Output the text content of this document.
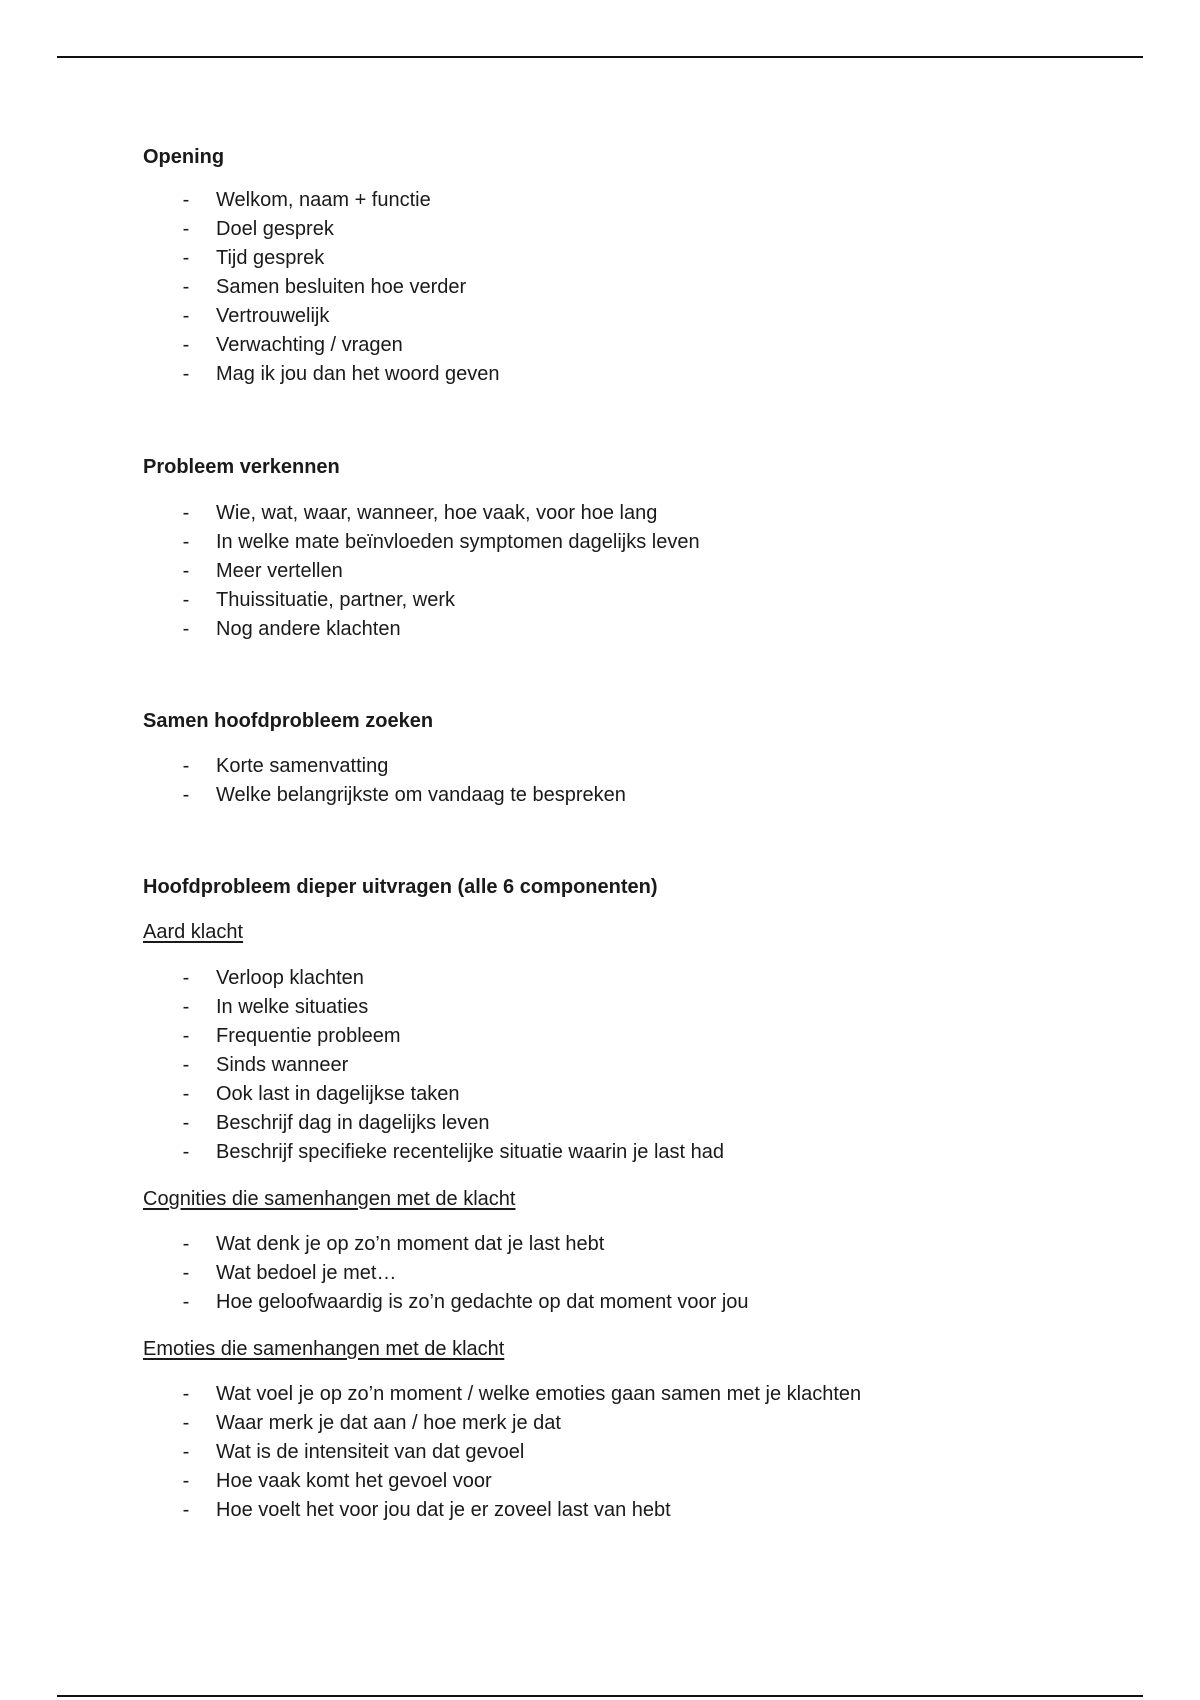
Opening

- Welkom, naam + functie
- Doel gesprek
- Tijd gesprek
- Samen besluiten hoe verder
- Vertrouwelijk
- Verwachting / vragen
- Mag ik jou dan het woord geven

Probleem verkennen

- Wie, wat, waar, wanneer, hoe vaak, voor hoe lang
- In welke mate beïnvloeden symptomen dagelijks leven
- Meer vertellen
- Thuissituatie, partner, werk
- Nog andere klachten

Samen hoofdprobleem zoeken

- Korte samenvatting
- Welke belangrijkste om vandaag te bespreken

Hoofdprobleem dieper uitvragen (alle 6 componenten)

Aard klacht

- Verloop klachten
- In welke situaties
- Frequentie probleem
- Sinds wanneer
- Ook last in dagelijkse taken
- Beschrijf dag in dagelijks leven
- Beschrijf specifieke recentelijke situatie waarin je last had

Cognities die samenhangen met de klacht

- Wat denk je op zo’n moment dat je last hebt
- Wat bedoel je met…
- Hoe geloofwaardig is zo’n gedachte op dat moment voor jou

Emoties die samenhangen met de klacht

- Wat voel je op zo’n moment / welke emoties gaan samen met je klachten
- Waar merk je dat aan / hoe merk je dat
- Wat is de intensiteit van dat gevoel
- Hoe vaak komt het gevoel voor
- Hoe voelt het voor jou dat je er zoveel last van hebt
